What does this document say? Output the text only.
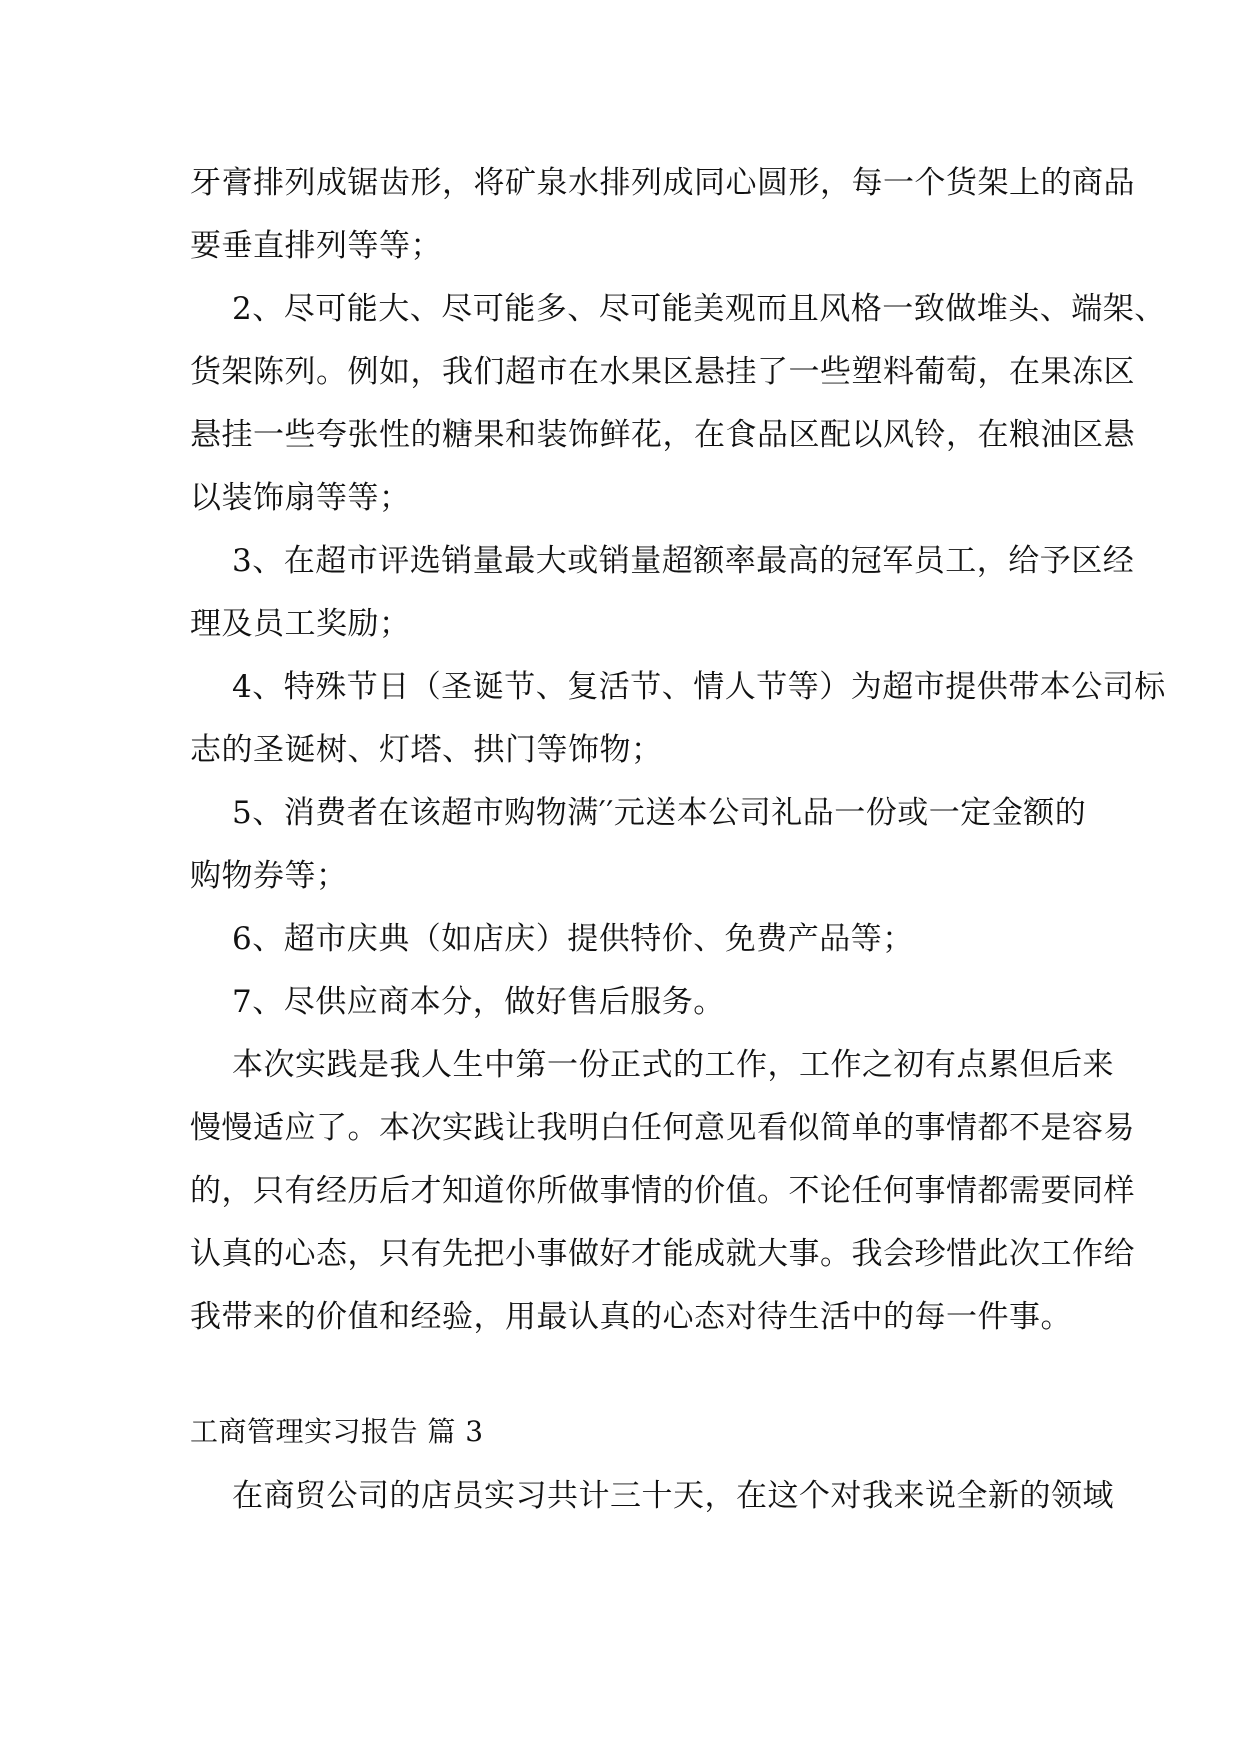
牙膏排列成锯齿形，将矿泉水排列成同心圆形，每一个货架上的商品
要垂直排列等等；
2、尽可能大、尽可能多、尽可能美观而且风格一致做堆头、端架、
货架陈列。例如，我们超市在水果区悬挂了一些塑料葡萄，在果冻区
悬挂一些夸张性的糖果和装饰鲜花，在食品区配以风铃，在粮油区悬
以装饰扇等等；
3、在超市评选销量最大或销量超额率最高的冠军员工，给予区经
理及员工奖励；
4、特殊节日（圣诞节、复活节、情人节等）为超市提供带本公司标
志的圣诞树、灯塔、拱门等饰物；
5、消费者在该超市购物满′′元送本公司礼品一份或一定金额的
购物券等；
6、超市庆典（如店庆）提供特价、免费产品等；
7、尽供应商本分，做好售后服务。
本次实践是我人生中第一份正式的工作，工作之初有点累但后来
慢慢适应了。本次实践让我明白任何意见看似简单的事情都不是容易
的，只有经历后才知道你所做事情的价值。不论任何事情都需要同样
认真的心态，只有先把小事做好才能成就大事。我会珍惜此次工作给
我带来的价值和经验，用最认真的心态对待生活中的每一件事。
工商管理实习报告 篇 3
在商贸公司的店员实习共计三十天，在这个对我来说全新的领域
